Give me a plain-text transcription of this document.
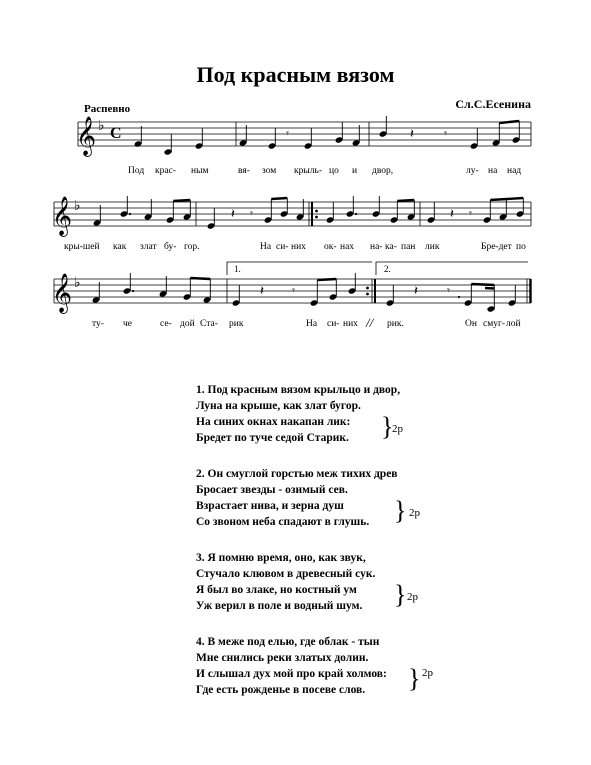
Под красным вязом
Распевно	Сл.С.Есенина
𝄞 ♭ C	𝄾	𝄽	𝄾
𝄞 ♭
𝄽 𝄾	𝄽 𝄾
1.	2.
𝄞 ♭
𝄽	𝄾	𝄽	𝄾
Под крас- ным	вя- зом крыль- цо и двор,	лу- на над
кры-шей как злат бу- гор.	На си- них ок- нах на- ка- пан лик	Бре-дет по
ту- че	се- дой Ста- рик	На си- них // рик.	Он смуг- лой
1. Под красным вязом крыльцо и двор,
Луна на крыше, как злат бугор.
На синих окнах накапан лик:
Бредет по туче седой Старик.	}
2р
2. Он смуглой горстью меж тихих древ
Бросает звезды - озимый сев.
Взрастает нива, и зерна душ
Со звоном неба спадают в глушь. } 2р
3. Я помню время, оно, как звук,
Стучало клювом в древесный сук.
Я был во злаке, но костный ум
Уж верил в поле и водный шум.	} 2р
4. В меже под елью, где облак - тын
Мне снились реки златых долин.
И слышал дух мой про край холмов:
Где есть рожденье в посеве слов.	} 2р
